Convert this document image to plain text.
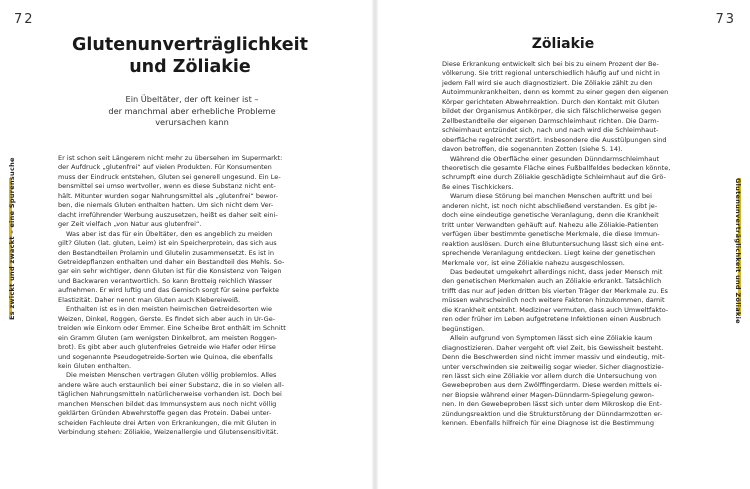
72
Es zwickt und zwackt – eine Spurensuche
Glutenunverträglichkeit
und Zöliakie
Ein Übeltäter, der oft keiner ist –
der manchmal aber erhebliche Probleme
verursachen kann
Er ist schon seit Längerem nicht mehr zu übersehen im Supermarkt:
der Aufdruck „glutenfrei“ auf vielen Produkten. Für Konsumenten
muss der Eindruck entstehen, Gluten sei generell ungesund. Ein Le-
bensmittel sei umso wertvoller, wenn es diese Substanz nicht ent-
hält. Mitunter wurden sogar Nahrungsmittel als „glutenfrei“ bewor-
ben, die niemals Gluten enthalten hatten. Um sich nicht dem Ver-
dacht irreführender Werbung auszusetzen, heißt es daher seit eini-
ger Zeit vielfach „von Natur aus glutenfrei“.
Was aber ist das für ein Übeltäter, den es angeblich zu meiden
gilt? Gluten (lat. gluten, Leim) ist ein Speicherprotein, das sich aus
den Bestandteilen Prolamin und Glutelin zusammensetzt. Es ist in
Getreidepflanzen enthalten und daher ein Bestandteil des Mehls. So-
gar ein sehr wichtiger, denn Gluten ist für die Konsistenz von Teigen
und Backwaren verantwortlich. So kann Brotteig reichlich Wasser
aufnehmen. Er wird luftig und das Gemisch sorgt für seine perfekte
Elastizität. Daher nennt man Gluten auch Klebereiweiß.
Enthalten ist es in den meisten heimischen Getreidesorten wie
Weizen, Dinkel, Roggen, Gerste. Es findet sich aber auch in Ur-Ge-
treiden wie Einkorn oder Emmer. Eine Scheibe Brot enthält im Schnitt
ein Gramm Gluten (am wenigsten Dinkelbrot, am meisten Roggen-
brot). Es gibt aber auch glutenfreies Getreide wie Hafer oder Hirse
und sogenannte Pseudogetreide-Sorten wie Quinoa, die ebenfalls
kein Gluten enthalten.
Die meisten Menschen vertragen Gluten völlig problemlos. Alles
andere wäre auch erstaunlich bei einer Substanz, die in so vielen all-
täglichen Nahrungsmitteln natürlicherweise vorhanden ist. Doch bei
manchen Menschen bildet das Immunsystem aus noch nicht völlig
geklärten Gründen Abwehrstoffe gegen das Protein. Dabei unter-
scheiden Fachleute drei Arten von Erkrankungen, die mit Gluten in
Verbindung stehen: Zöliakie, Weizenallergie und Glutensensitivität.
73
Glutenunverträglichkeit und Zöliakie
Zöliakie
Diese Erkrankung entwickelt sich bei bis zu einem Prozent der Be-
völkerung. Sie tritt regional unterschiedlich häufig auf und nicht in
jedem Fall wird sie auch diagnostiziert. Die Zöliakie zählt zu den
Autoimmunkrankheiten, denn es kommt zu einer gegen den eigenen
Körper gerichteten Abwehrreaktion. Durch den Kontakt mit Gluten
bildet der Organismus Antikörper, die sich fälschlicherweise gegen
Zellbestandteile der eigenen Darmschleimhaut richten. Die Darm-
schleimhaut entzündet sich, nach und nach wird die Schleimhaut-
oberfläche regelrecht zerstört. Insbesondere die Ausstülpungen sind
davon betroffen, die sogenannten Zotten (siehe S. 14).
Während die Oberfläche einer gesunden Dünndarmschleimhaut
theoretisch die gesamte Fläche eines Fußballfeldes bedecken könnte,
schrumpft eine durch Zöliakie geschädigte Schleimhaut auf die Grö-
ße eines Tischkickers.
Warum diese Störung bei manchen Menschen auftritt und bei
anderen nicht, ist noch nicht abschließend verstanden. Es gibt je-
doch eine eindeutige genetische Veranlagung, denn die Krankheit
tritt unter Verwandten gehäuft auf. Nahezu alle Zöliakie-Patienten
verfügen über bestimmte genetische Merkmale, die diese Immun-
reaktion auslösen. Durch eine Blutuntersuchung lässt sich eine ent-
sprechende Veranlagung entdecken. Liegt keine der genetischen
Merkmale vor, ist eine Zöliakie nahezu ausgeschlossen.
Das bedeutet umgekehrt allerdings nicht, dass jeder Mensch mit
den genetischen Merkmalen auch an Zöliakie erkrankt. Tatsächlich
trifft das nur auf jeden dritten bis vierten Träger der Merkmale zu. Es
müssen wahrscheinlich noch weitere Faktoren hinzukommen, damit
die Krankheit entsteht. Mediziner vermuten, dass auch Umweltfakto-
ren oder früher im Leben aufgetretene Infektionen einen Ausbruch
begünstigen.
Allein aufgrund von Symptomen lässt sich eine Zöliakie kaum
diagnostizieren. Daher vergeht oft viel Zeit, bis Gewissheit besteht.
Denn die Beschwerden sind nicht immer massiv und eindeutig, mit-
unter verschwinden sie zeitweilig sogar wieder. Sicher diagnostizie-
ren lässt sich eine Zöliakie vor allem durch die Untersuchung von
Gewebeproben aus dem Zwölffingerdarm. Diese werden mittels ei-
ner Biopsie während einer Magen-Dünndarm-Spiegelung gewon-
nen. In den Gewebeproben lässt sich unter dem Mikroskop die Ent-
zündungsreaktion und die Strukturstörung der Dünndarmzotten er-
kennen. Ebenfalls hilfreich für eine Diagnose ist die Bestimmung
